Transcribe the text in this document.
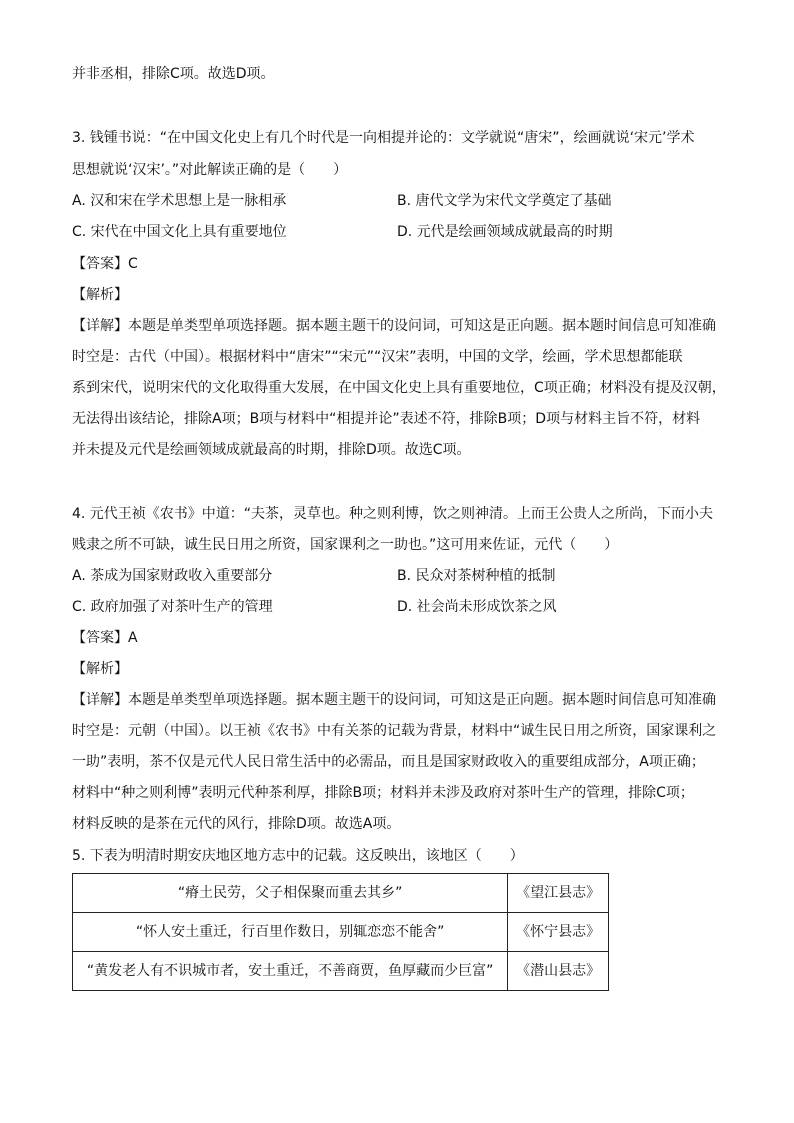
并非丞相，排除C项。故选D项。
3. 钱锺书说：“在中国文化史上有几个时代是一向相提并论的：文学就说“唐宋”，绘画就说‘宋元’学术
思想就说‘汉宋’。”对此解读正确的是（　　）
A. 汉和宋在学术思想上是一脉相承	B. 唐代文学为宋代文学奠定了基础
C. 宋代在中国文化上具有重要地位	D. 元代是绘画领域成就最高的时期
【答案】C
【解析】
【详解】本题是单类型单项选择题。据本题主题干的设问词，可知这是正向题。据本题时间信息可知准确
时空是：古代（中国）。根据材料中“唐宋”“宋元”“汉宋”表明，中国的文学，绘画，学术思想都能联
系到宋代，说明宋代的文化取得重大发展，在中国文化史上具有重要地位，C项正确；材料没有提及汉朝，
无法得出该结论，排除A项；B项与材料中“相提并论”表述不符，排除B项；D项与材料主旨不符，材料
并未提及元代是绘画领域成就最高的时期，排除D项。故选C项。
4. 元代王祯《农书》中道：“夫茶，灵草也。种之则利博，饮之则神清。上而王公贵人之所尚，下而小夫
贱隶之所不可缺，诚生民日用之所资，国家课利之一助也。”这可用来佐证，元代（　　）
A. 茶成为国家财政收入重要部分	B. 民众对茶树种植的抵制
C. 政府加强了对茶叶生产的管理	D. 社会尚未形成饮茶之风
【答案】A
【解析】
【详解】本题是单类型单项选择题。据本题主题干的设问词，可知这是正向题。据本题时间信息可知准确
时空是：元朝（中国）。以王祯《农书》中有关茶的记载为背景，材料中“诚生民日用之所资，国家课利之
一助”表明，茶不仅是元代人民日常生活中的必需品，而且是国家财政收入的重要组成部分，A项正确；
材料中“种之则利博”表明元代种茶利厚，排除B项；材料并未涉及政府对茶叶生产的管理，排除C项；
材料反映的是茶在元代的风行，排除D项。故选A项。
5. 下表为明清时期安庆地区地方志中的记载。这反映出，该地区（　　）
“瘠土民劳，父子相保聚而重去其乡”	《望江县志》
“怀人安土重迁，行百里作数日，别辄恋恋不能舍”	《怀宁县志》
“黄发老人有不识城市者，安土重迁，不善商贾，鱼厚藏而少巨富”	《潜山县志》
